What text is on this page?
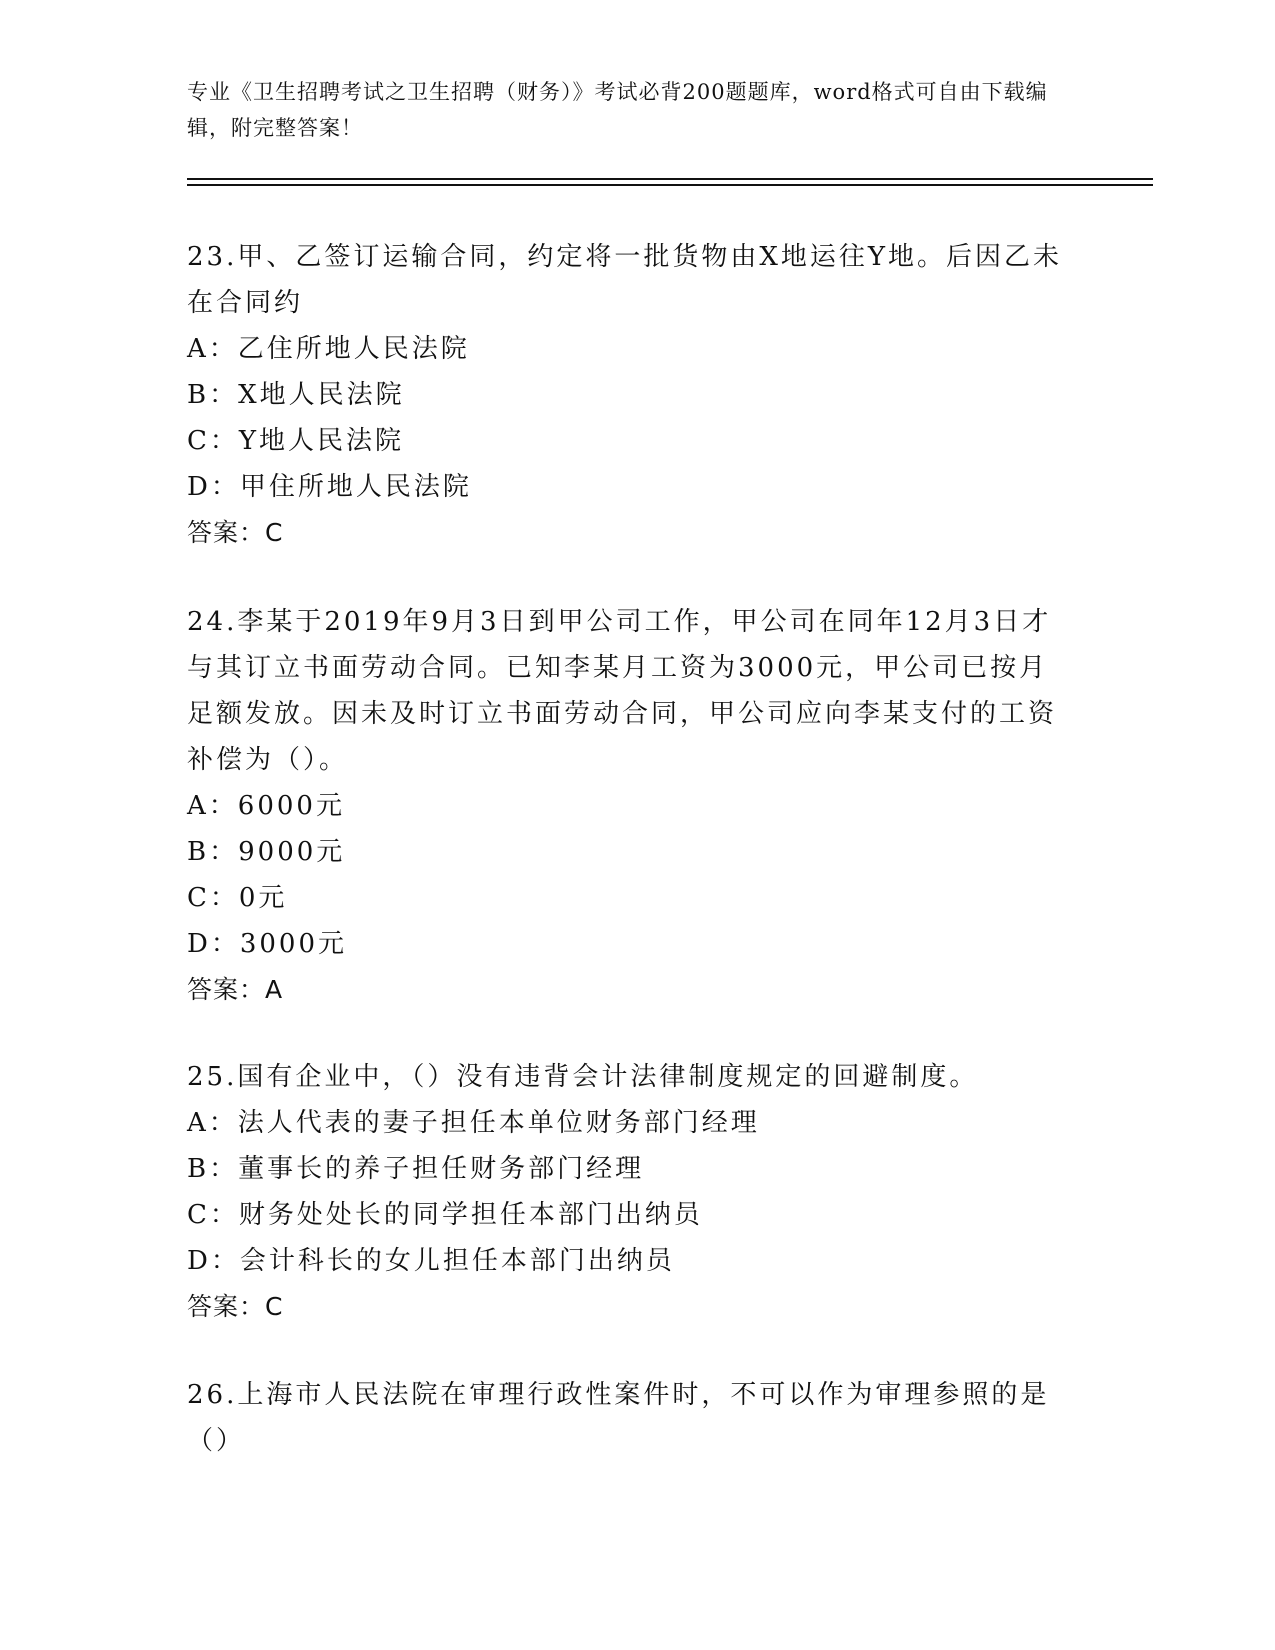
专业《卫生招聘考试之卫生招聘（财务）》考试必背200题题库，word格式可自由下载编辑，附完整答案！
23.甲、乙签订运输合同，约定将一批货物由X地运往Y地。后因乙未在合同约
A：乙住所地人民法院
B：X地人民法院
C：Y地人民法院
D：甲住所地人民法院
答案：C
24.李某于2019年9月3日到甲公司工作，甲公司在同年12月3日才与其订立书面劳动合同。已知李某月工资为3000元，甲公司已按月足额发放。因未及时订立书面劳动合同，甲公司应向李某支付的工资补偿为（）。
A：6000元
B：9000元
C：0元
D：3000元
答案：A
25.国有企业中，（）没有违背会计法律制度规定的回避制度。
A：法人代表的妻子担任本单位财务部门经理
B：董事长的养子担任财务部门经理
C：财务处处长的同学担任本部门出纳员
D：会计科长的女儿担任本部门出纳员
答案：C
26.上海市人民法院在审理行政性案件时，不可以作为审理参照的是（）
